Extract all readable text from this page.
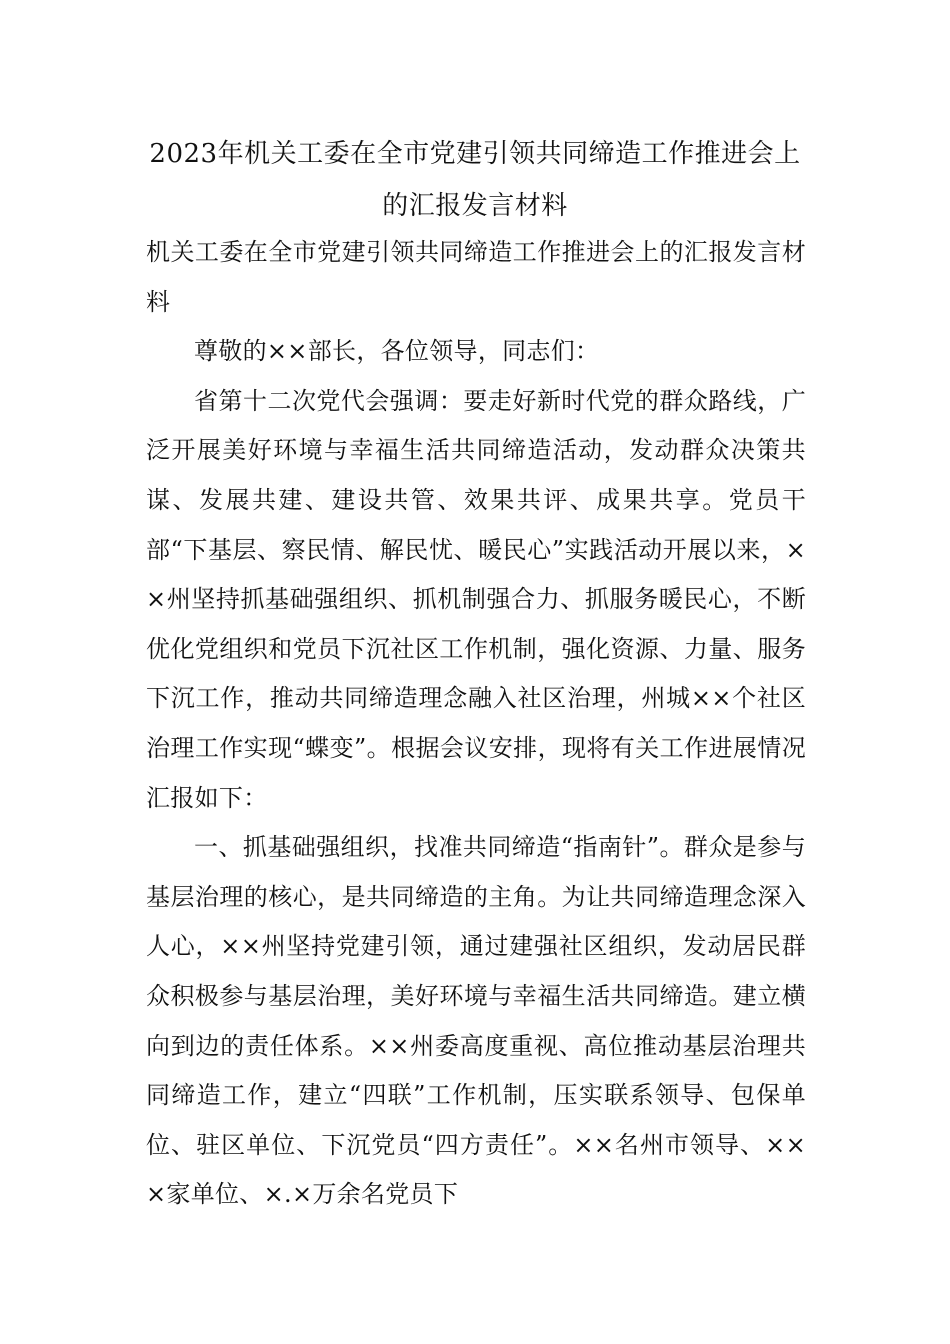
2023年机关工委在全市党建引领共同缔造工作推进会上的汇报发言材料

机关工委在全市党建引领共同缔造工作推进会上的汇报发言材料

尊敬的××部长，各位领导，同志们：

省第十二次党代会强调：要走好新时代党的群众路线，广泛开展美好环境与幸福生活共同缔造活动，发动群众决策共谋、发展共建、建设共管、效果共评、成果共享。党员干部“下基层、察民情、解民忧、暖民心”实践活动开展以来，××州坚持抓基础强组织、抓机制强合力、抓服务暖民心，不断优化党组织和党员下沉社区工作机制，强化资源、力量、服务下沉工作，推动共同缔造理念融入社区治理，州城××个社区治理工作实现“蝶变”。根据会议安排，现将有关工作进展情况汇报如下：

一、抓基础强组织，找准共同缔造“指南针”。群众是参与基层治理的核心，是共同缔造的主角。为让共同缔造理念深入人心，××州坚持党建引领，通过建强社区组织，发动居民群众积极参与基层治理，美好环境与幸福生活共同缔造。建立横向到边的责任体系。××州委高度重视、高位推动基层治理共同缔造工作，建立“四联”工作机制，压实联系领导、包保单位、驻区单位、下沉党员“四方责任”。××名州市领导、×××家单位、×.×万余名党员下
